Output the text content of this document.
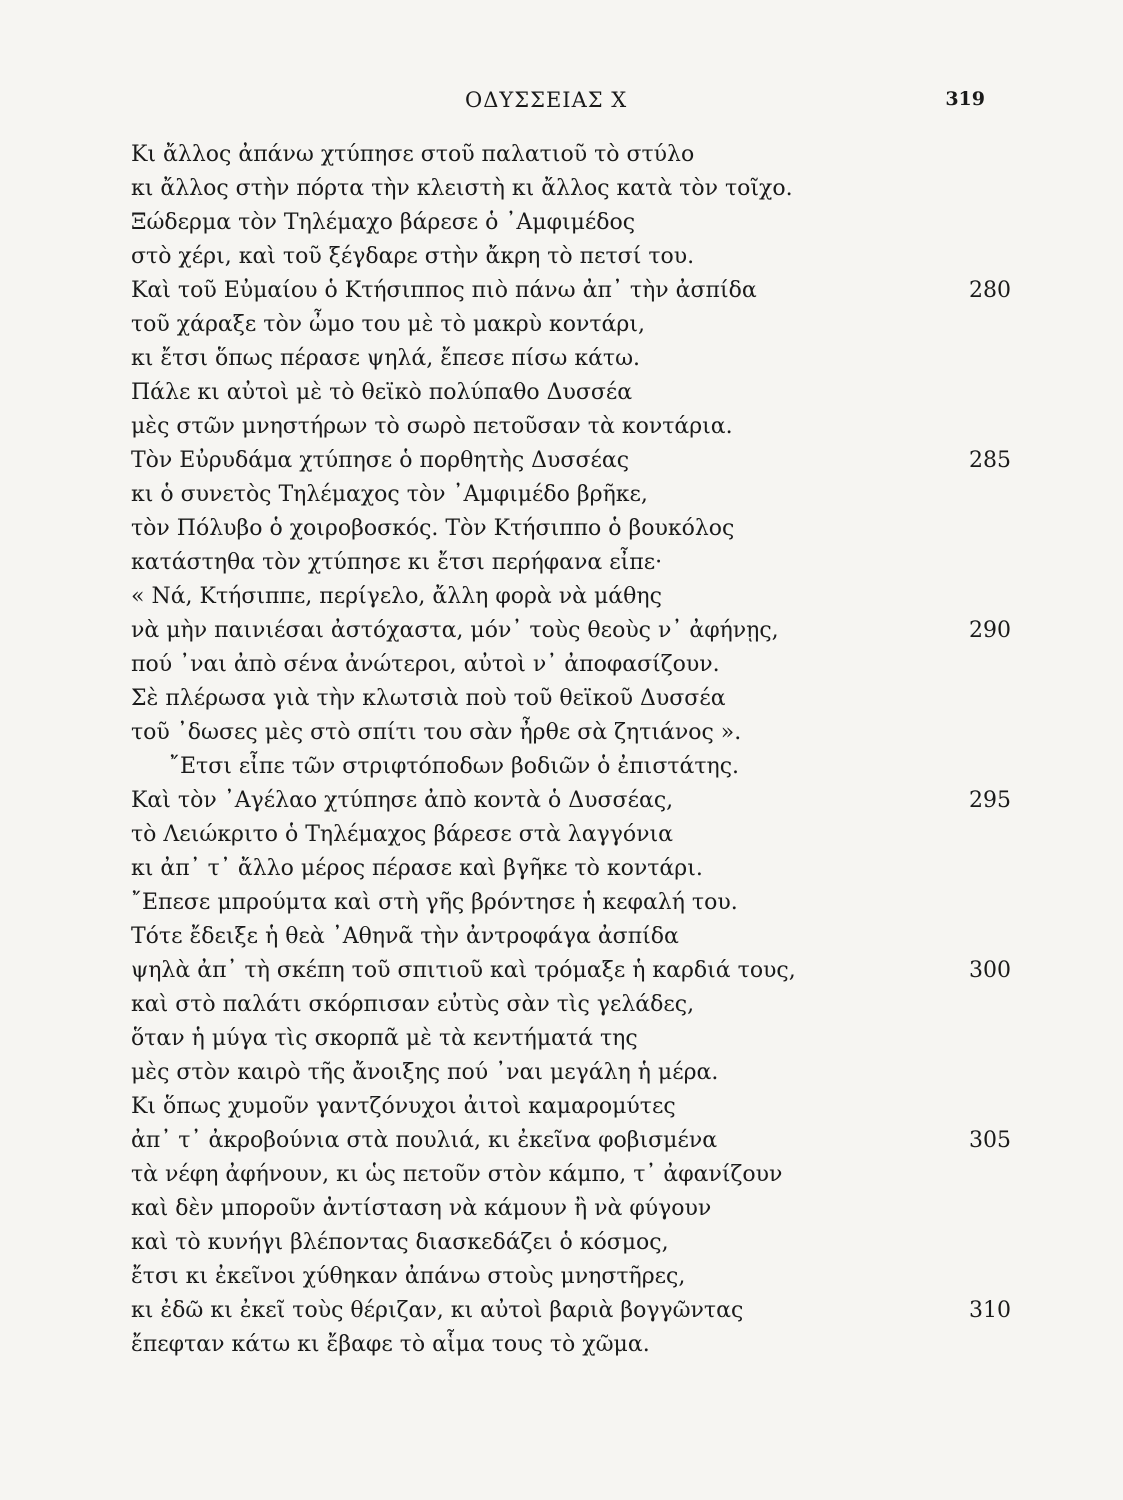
ΟΔΥΣΣΕΙΑΣ Χ	319
Κι ἄλλος ἀπάνω χτύπησε στοῦ παλατιοῦ τὸ στύλο
κι ἄλλος στὴν πόρτα τὴν κλειστὴ κι ἄλλος κατὰ τὸν τοῖχο.
Ξώδερμα τὸν Τηλέμαχο βάρεσε ὁ ᾿Αμφιμέδος
στὸ χέρι, καὶ τοῦ ξέγδαρε στὴν ἄκρη τὸ πετσί του.
Καὶ τοῦ Εὐμαίου ὁ Κτήσιππος πιὸ πάνω ἀπ᾿ τὴν ἀσπίδα	280
τοῦ χάραξε τὸν ὦμο του μὲ τὸ μακρὺ κοντάρι,
κι ἔτσι ὅπως πέρασε ψηλά, ἔπεσε πίσω κάτω.
Πάλε κι αὐτοὶ μὲ τὸ θεϊκὸ πολύπαθο Δυσσέα
μὲς στῶν μνηστήρων τὸ σωρὸ πετοῦσαν τὰ κοντάρια.
Τὸν Εὐρυδάμα χτύπησε ὁ πορθητὴς Δυσσέας	285
κι ὁ συνετὸς Τηλέμαχος τὸν ᾿Αμφιμέδο βρῆκε,
τὸν Πόλυβο ὁ χοιροβοσκός. Τὸν Κτήσιππο ὁ βουκόλος
κατάστηθα τὸν χτύπησε κι ἔτσι περήφανα εἶπε·
« Νά, Κτήσιππε, περίγελο, ἄλλη φορὰ νὰ μάθης
νὰ μὴν παινιέσαι ἀστόχαστα, μόν᾿ τοὺς θεοὺς ν᾿ ἀφήνῃς,	290
πού ᾿ναι ἀπὸ σένα ἀνώτεροι, αὐτοὶ ν᾿ ἀποφασίζουν.
Σὲ πλέρωσα γιὰ τὴν κλωτσιὰ ποὺ τοῦ θεϊκοῦ Δυσσέα
τοῦ ᾿δωσες μὲς στὸ σπίτι του σὰν ἦρθε σὰ ζητιάνος ».
῎Ετσι εἶπε τῶν στριφτόποδων βοδιῶν ὁ ἐπιστάτης.
Καὶ τὸν ᾿Αγέλαο χτύπησε ἀπὸ κοντὰ ὁ Δυσσέας,	295
τὸ Λειώκριτο ὁ Τηλέμαχος βάρεσε στὰ λαγγόνια
κι ἀπ᾿ τ᾿ ἄλλο μέρος πέρασε καὶ βγῆκε τὸ κοντάρι.
῎Επεσε μπρούμτα καὶ στὴ γῆς βρόντησε ἡ κεφαλή του.
Τότε ἔδειξε ἡ θεὰ ᾿Αθηνᾶ τὴν ἀντροφάγα ἀσπίδα
ψηλὰ ἀπ᾿ τὴ σκέπη τοῦ σπιτιοῦ καὶ τρόμαξε ἡ καρδιά τους,	300
καὶ στὸ παλάτι σκόρπισαν εὐτὺς σὰν τὶς γελάδες,
ὅταν ἡ μύγα τὶς σκορπᾶ μὲ τὰ κεντήματά της
μὲς στὸν καιρὸ τῆς ἄνοιξης πού ᾿ναι μεγάλη ἡ μέρα.
Κι ὅπως χυμοῦν γαντζόνυχοι ἀιτοὶ καμαρομύτες
ἀπ᾿ τ᾿ ἀκροβούνια στὰ πουλιά, κι ἐκεῖνα φοβισμένα	305
τὰ νέφη ἀφήνουν, κι ὡς πετοῦν στὸν κάμπο, τ᾿ ἀφανίζουν
καὶ δὲν μποροῦν ἀντίσταση νὰ κάμουν ἢ νὰ φύγουν
καὶ τὸ κυνήγι βλέποντας διασκεδάζει ὁ κόσμος,
ἔτσι κι ἐκεῖνοι χύθηκαν ἀπάνω στοὺς μνηστῆρες,
κι ἐδῶ κι ἐκεῖ τοὺς θέριζαν, κι αὐτοὶ βαριὰ βογγῶντας	310
ἔπεφταν κάτω κι ἔβαφε τὸ αἷμα τους τὸ χῶμα.
